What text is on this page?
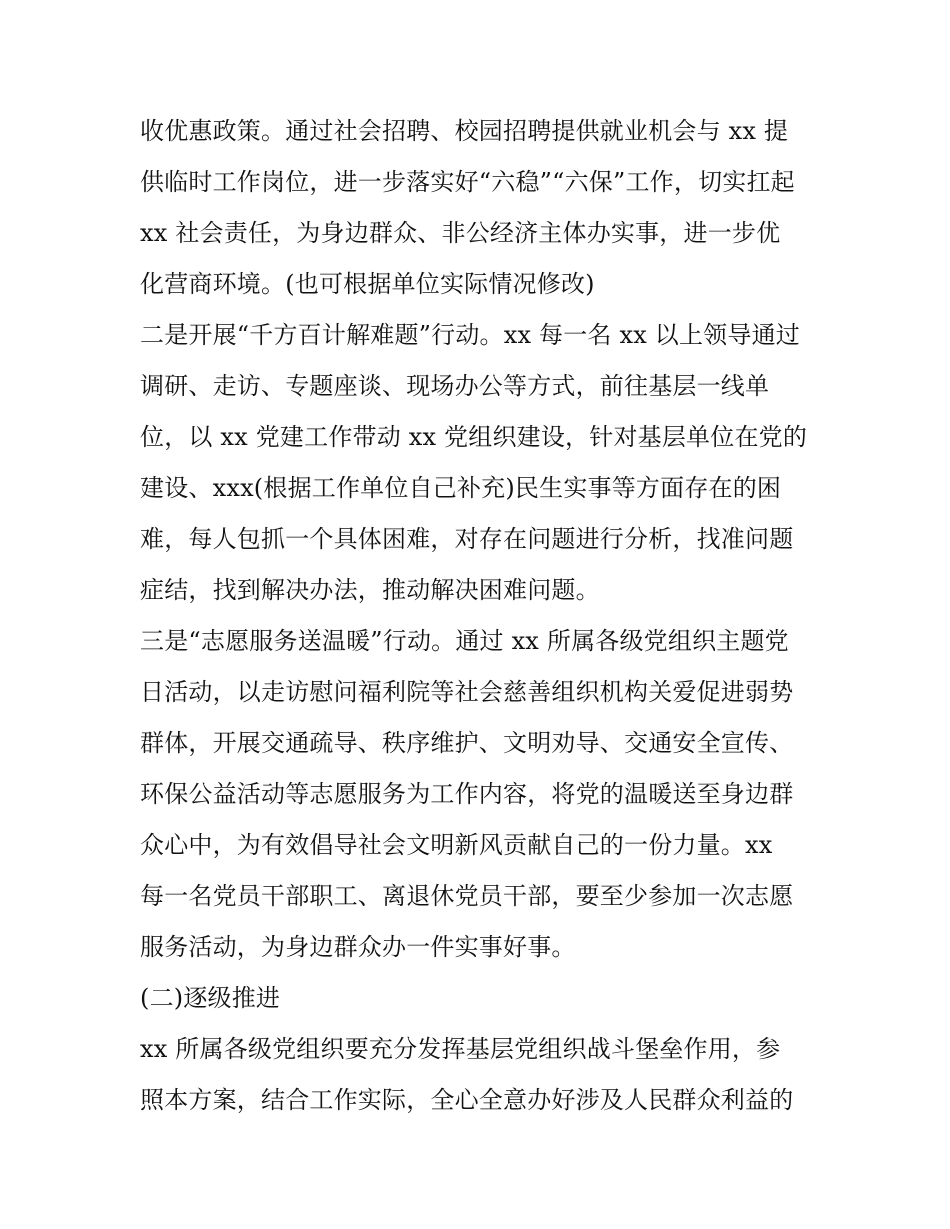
收优惠政策。通过社会招聘、校园招聘提供就业机会与 xx 提
供临时工作岗位，进一步落实好“六稳”“六保”工作，切实扛起
xx 社会责任，为身边群众、非公经济主体办实事，进一步优
化营商环境。(也可根据单位实际情况修改)
二是开展“千方百计解难题”行动。xx 每一名 xx 以上领导通过
调研、走访、专题座谈、现场办公等方式，前往基层一线单
位，以 xx 党建工作带动 xx 党组织建设，针对基层单位在党的
建设、xxx(根据工作单位自己补充)民生实事等方面存在的困
难，每人包抓一个具体困难，对存在问题进行分析，找准问题
症结，找到解决办法，推动解决困难问题。
三是“志愿服务送温暖”行动。通过 xx 所属各级党组织主题党
日活动，以走访慰问福利院等社会慈善组织机构关爱促进弱势
群体，开展交通疏导、秩序维护、文明劝导、交通安全宣传、
环保公益活动等志愿服务为工作内容，将党的温暖送至身边群
众心中，为有效倡导社会文明新风贡献自己的一份力量。xx
每一名党员干部职工、离退休党员干部，要至少参加一次志愿
服务活动，为身边群众办一件实事好事。
(二)逐级推进
xx 所属各级党组织要充分发挥基层党组织战斗堡垒作用，参
照本方案，结合工作实际，全心全意办好涉及人民群众利益的
